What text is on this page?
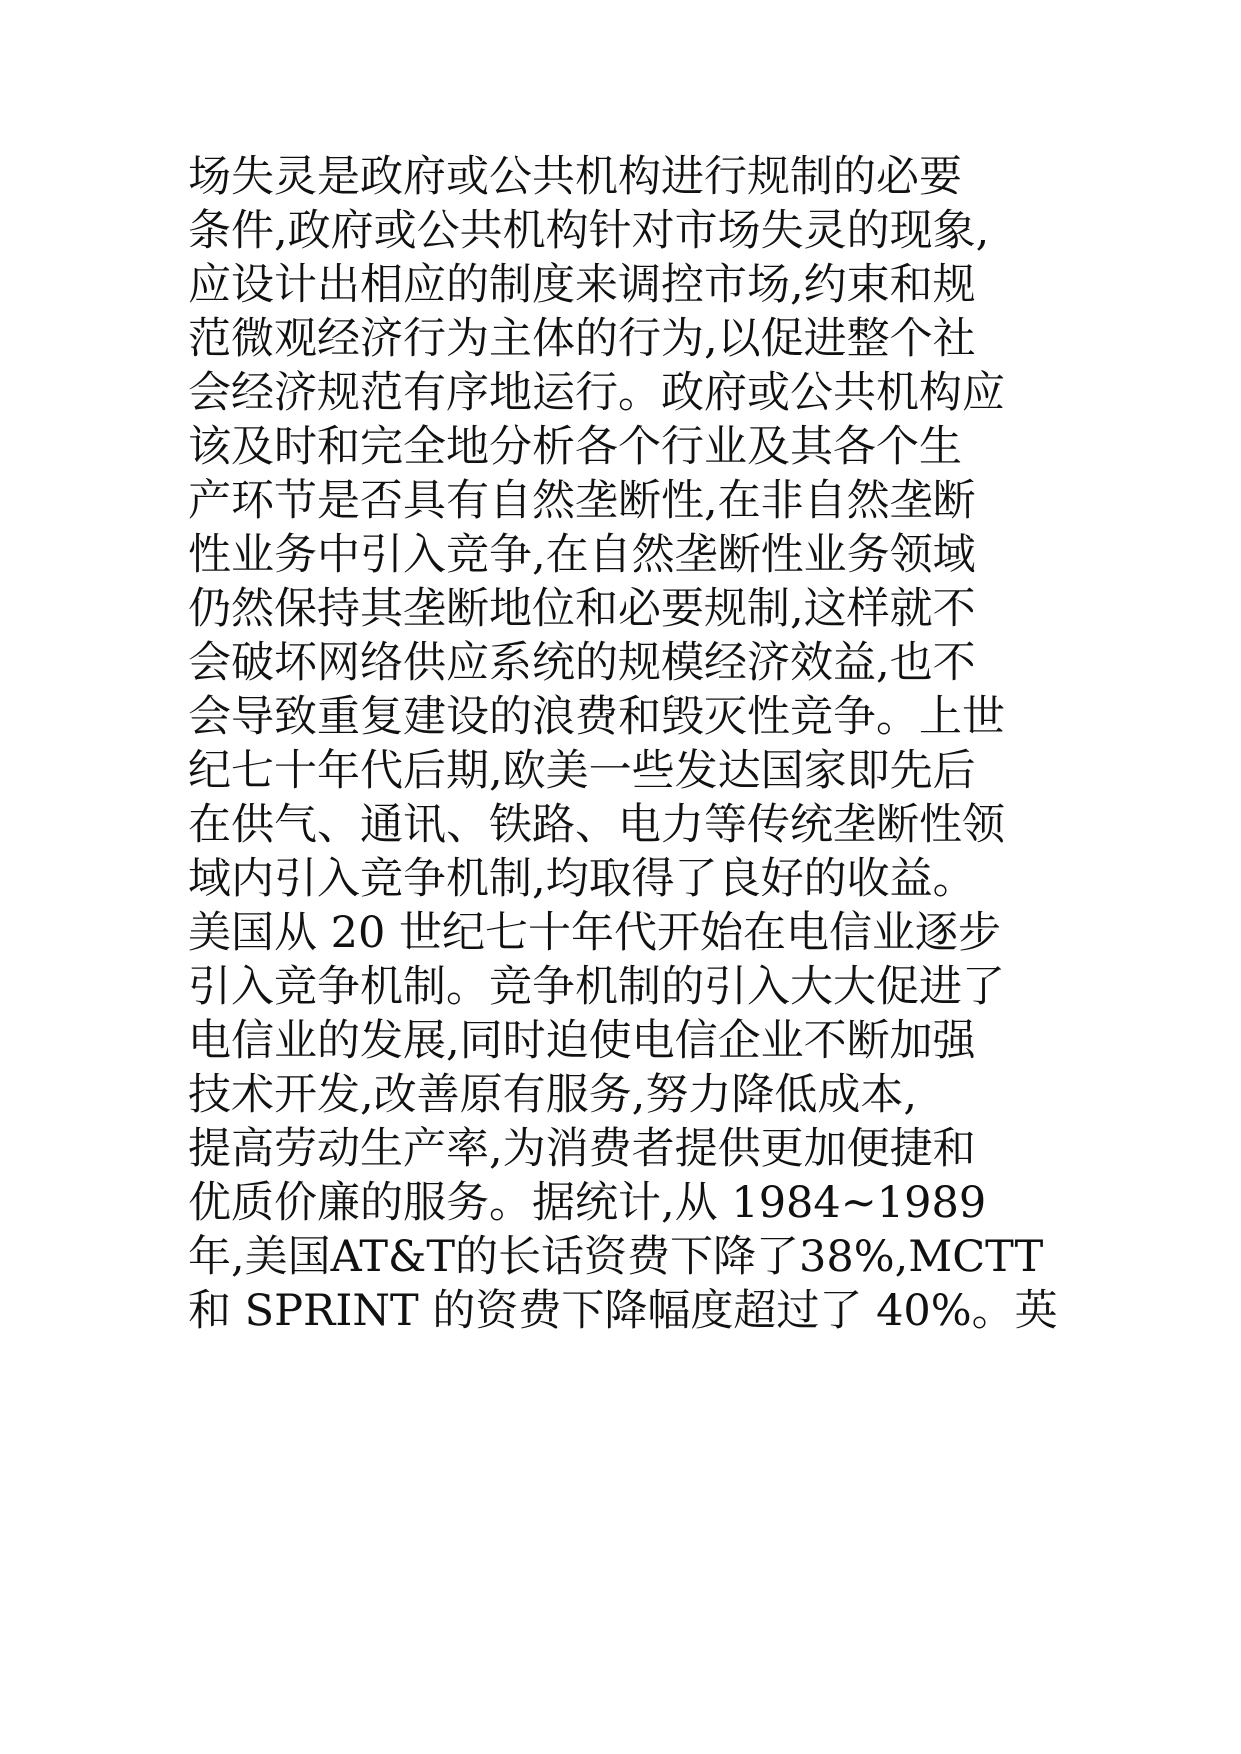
场失灵是政府或公共机构进行规制的必要
条件,政府或公共机构针对市场失灵的现象,
应设计出相应的制度来调控市场,约束和规
范微观经济行为主体的行为,以促进整个社
会经济规范有序地运行。政府或公共机构应
该及时和完全地分析各个行业及其各个生
产环节是否具有自然垄断性,在非自然垄断
性业务中引入竞争,在自然垄断性业务领域
仍然保持其垄断地位和必要规制,这样就不
会破坏网络供应系统的规模经济效益,也不
会导致重复建设的浪费和毁灭性竞争。上世
纪七十年代后期,欧美一些发达国家即先后
在供气、通讯、铁路、电力等传统垄断性领
域内引入竞争机制,均取得了良好的收益。
美国从 20 世纪七十年代开始在电信业逐步
引入竞争机制。竞争机制的引入大大促进了
电信业的发展,同时迫使电信企业不断加强
技术开发,改善原有服务,努力降低成本,
提高劳动生产率,为消费者提供更加便捷和
优质价廉的服务。据统计,从 1984~1989
年,美国AT&T的长话资费下降了38%,MCTT
和 SPRINT 的资费下降幅度超过了 40%。英
